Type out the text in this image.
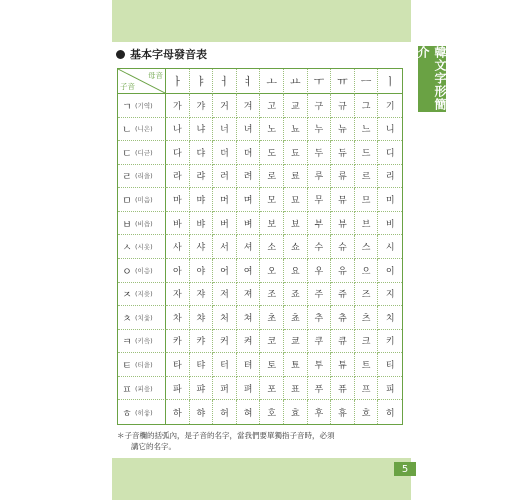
韓文字形簡介
基本字母發音表
母音
子音	ㅏ	ㅑ	ㅓ	ㅕ	ㅗ	ㅛ	ㅜ	ㅠ	ㅡ	ㅣ
ㄱ (기역)	가	갸	거	겨	고	교	구	규	그	기
ㄴ (니은)	나	냐	너	녀	노	뇨	누	뉴	느	니
ㄷ (디귿)	다	댜	더	뎌	도	됴	두	듀	드	디
ㄹ (리을)	라	랴	러	려	로	료	루	류	르	리
ㅁ (미음)	마	먀	머	며	모	묘	무	뮤	므	미
ㅂ (비읍)	바	뱌	버	벼	보	뵤	부	뷰	브	비
ㅅ (시옷)	사	샤	서	셔	소	쇼	수	슈	스	시
ㅇ (이응)	아	야	어	여	오	요	우	유	으	이
ㅈ (지읒)	자	쟈	저	져	조	죠	주	쥬	즈	지
ㅊ (치읓)	차	챠	처	쳐	초	쵸	추	츄	츠	치
ㅋ (키읔)	카	캬	커	켜	코	쿄	쿠	큐	크	키
ㅌ (티읕)	타	탸	터	텨	토	툐	투	튜	트	티
ㅍ (피읖)	파	퍄	퍼	펴	포	표	푸	퓨	프	피
ㅎ (히읗)	하	햐	허	혀	호	효	후	휴	흐	히
＊子音欄的括弧內，是子音的名字，當我們要單獨指子音時，必須
講它的名字。
5
